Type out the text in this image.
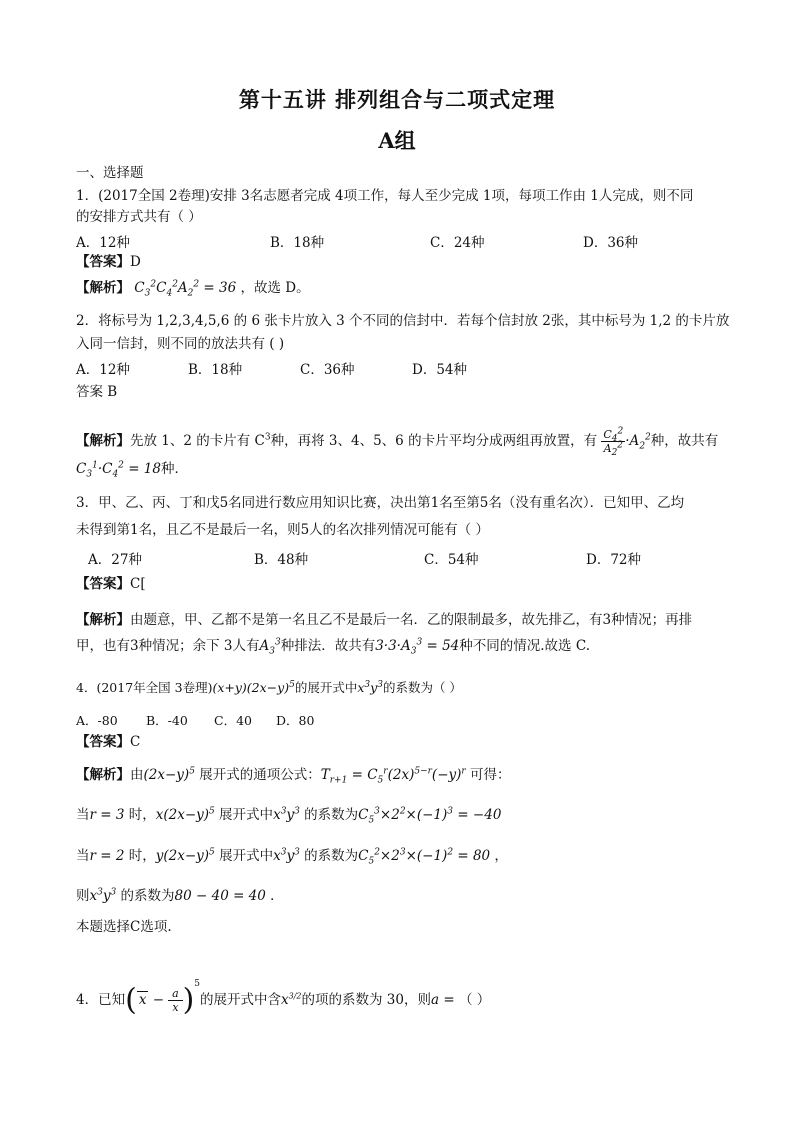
第十五讲 排列组合与二项式定理
A组
一、选择题
1．(2017全国 2卷理)安排 3名志愿者完成 4项工作，每人至少完成 1项，每项工作由 1人完成，则不同
的安排方式共有（ ）
A．12种	B．18种	C．24种	D．36种
【答案】D
【解析】 $C_3^2C_4^2A_2^2 = 36$ ，故选 D。
2．将标号为 1,2,3,4,5,6 的 6 张卡片放入 3 个不同的信封中．若每个信封放 2张，其中标号为 1,2 的卡片放
入同一信封，则不同的放法共有 ( )
A．12种	B．18种	C．36种	D．54种
答案 B
【解析】先放 1、2 的卡片有 $C^3$种，再将 3、4、5、6 的卡片平均分成两组再放置，有 $\frac{C_4^2}{A_2^2} \cdot A_2^2$种，故共有
$C_3^1\cdot C_4^2 = 18$种．
3．甲、乙、丙、丁和戊5名同进行数应用知识比赛，决出第1名至第5名（没有重名次）．已知甲、乙均
未得到第1名，且乙不是最后一名，则5人的名次排列情况可能有（ ）
A．27种	B．48种	C．54种	D．72种
【答案】C[
【解析】由题意，甲、乙都不是第一名且乙不是最后一名．乙的限制最多，故先排乙，有3种情况；再排
甲，也有3种情况；余下 3人有$A_3^3$种排法．故共有$3\cdot 3\cdot A_3^3 = 54$种不同的情况.故选 C.
4．(2017年全国 3卷理)$(x+y)(2x-y)^5$的展开式中$x^3y^3$的系数为（ ）
A．-80 B．-40 C．40 D．80
【答案】C
【解析】由$(2x-y)^5$ 展开式的通项公式：$T_{r+1} = C_5^r(2x)^{5-r}(-y)^r$ 可得：
当r = 3 时，$x(2x-y)^5$ 展开式中$x^3y^3$ 的系数为$C_5^3\times 2^2\times(-1)^3 = -40$
当r = 2 时，$y(2x-y)^5$ 展开式中$x^3y^3$ 的系数为$C_5^2\times 2^3\times(-1)^2 = 80$ ，
则$x^3y^3$ 的系数为80 − 40 = 40 ．
本题选择C选项.
4．已知( $x - \frac{a}{x} )^5$的展开式中含$x^{3/2}$的项的系数为 30，则a = （ ）
